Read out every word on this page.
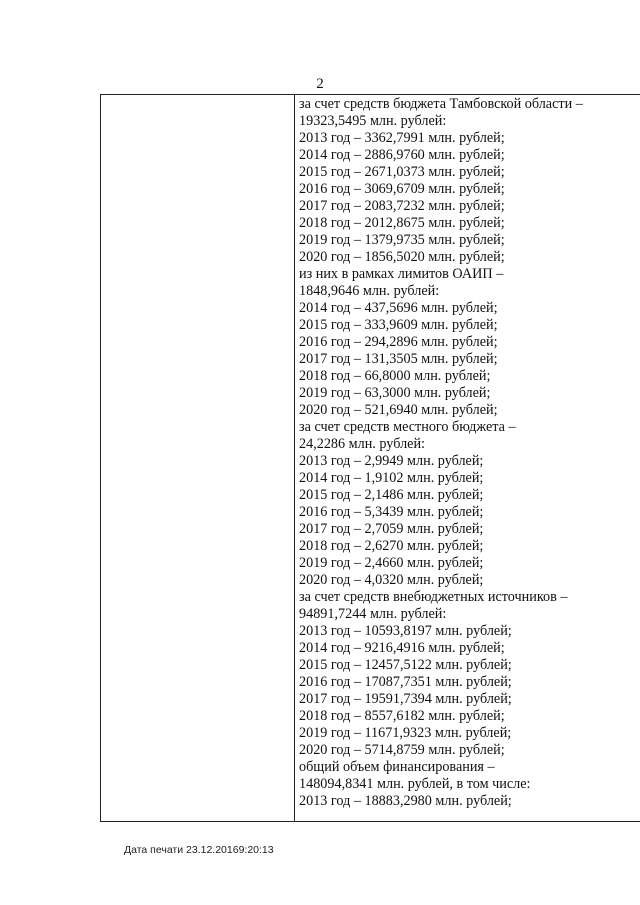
2
за счет средств бюджета Тамбовской области –
19323,5495 млн. рублей:
2013 год – 3362,7991 млн. рублей;
2014 год – 2886,9760 млн. рублей;
2015 год – 2671,0373 млн. рублей;
2016 год – 3069,6709 млн. рублей;
2017 год – 2083,7232 млн. рублей;
2018 год – 2012,8675 млн. рублей;
2019 год – 1379,9735 млн. рублей;
2020 год – 1856,5020 млн. рублей;
из них в рамках лимитов ОАИП –
1848,9646 млн. рублей:
2014 год – 437,5696 млн. рублей;
2015 год – 333,9609 млн. рублей;
2016 год – 294,2896 млн. рублей;
2017 год – 131,3505 млн. рублей;
2018 год – 66,8000 млн. рублей;
2019 год – 63,3000 млн. рублей;
2020 год – 521,6940 млн. рублей;
за счет средств местного бюджета –
24,2286 млн. рублей:
2013 год – 2,9949 млн. рублей;
2014 год – 1,9102 млн. рублей;
2015 год – 2,1486 млн. рублей;
2016 год – 5,3439 млн. рублей;
2017 год – 2,7059 млн. рублей;
2018 год – 2,6270 млн. рублей;
2019 год – 2,4660 млн. рублей;
2020 год – 4,0320 млн. рублей;
за счет средств внебюджетных источников –
94891,7244 млн. рублей:
2013 год – 10593,8197 млн. рублей;
2014 год – 9216,4916 млн. рублей;
2015 год – 12457,5122 млн. рублей;
2016 год – 17087,7351 млн. рублей;
2017 год – 19591,7394 млн. рублей;
2018 год – 8557,6182 млн. рублей;
2019 год – 11671,9323 млн. рублей;
2020 год – 5714,8759 млн. рублей;
общий объем финансирования –
148094,8341 млн. рублей, в том числе:
2013 год – 18883,2980 млн. рублей;
Дата печати 23.12.20169:20:13
